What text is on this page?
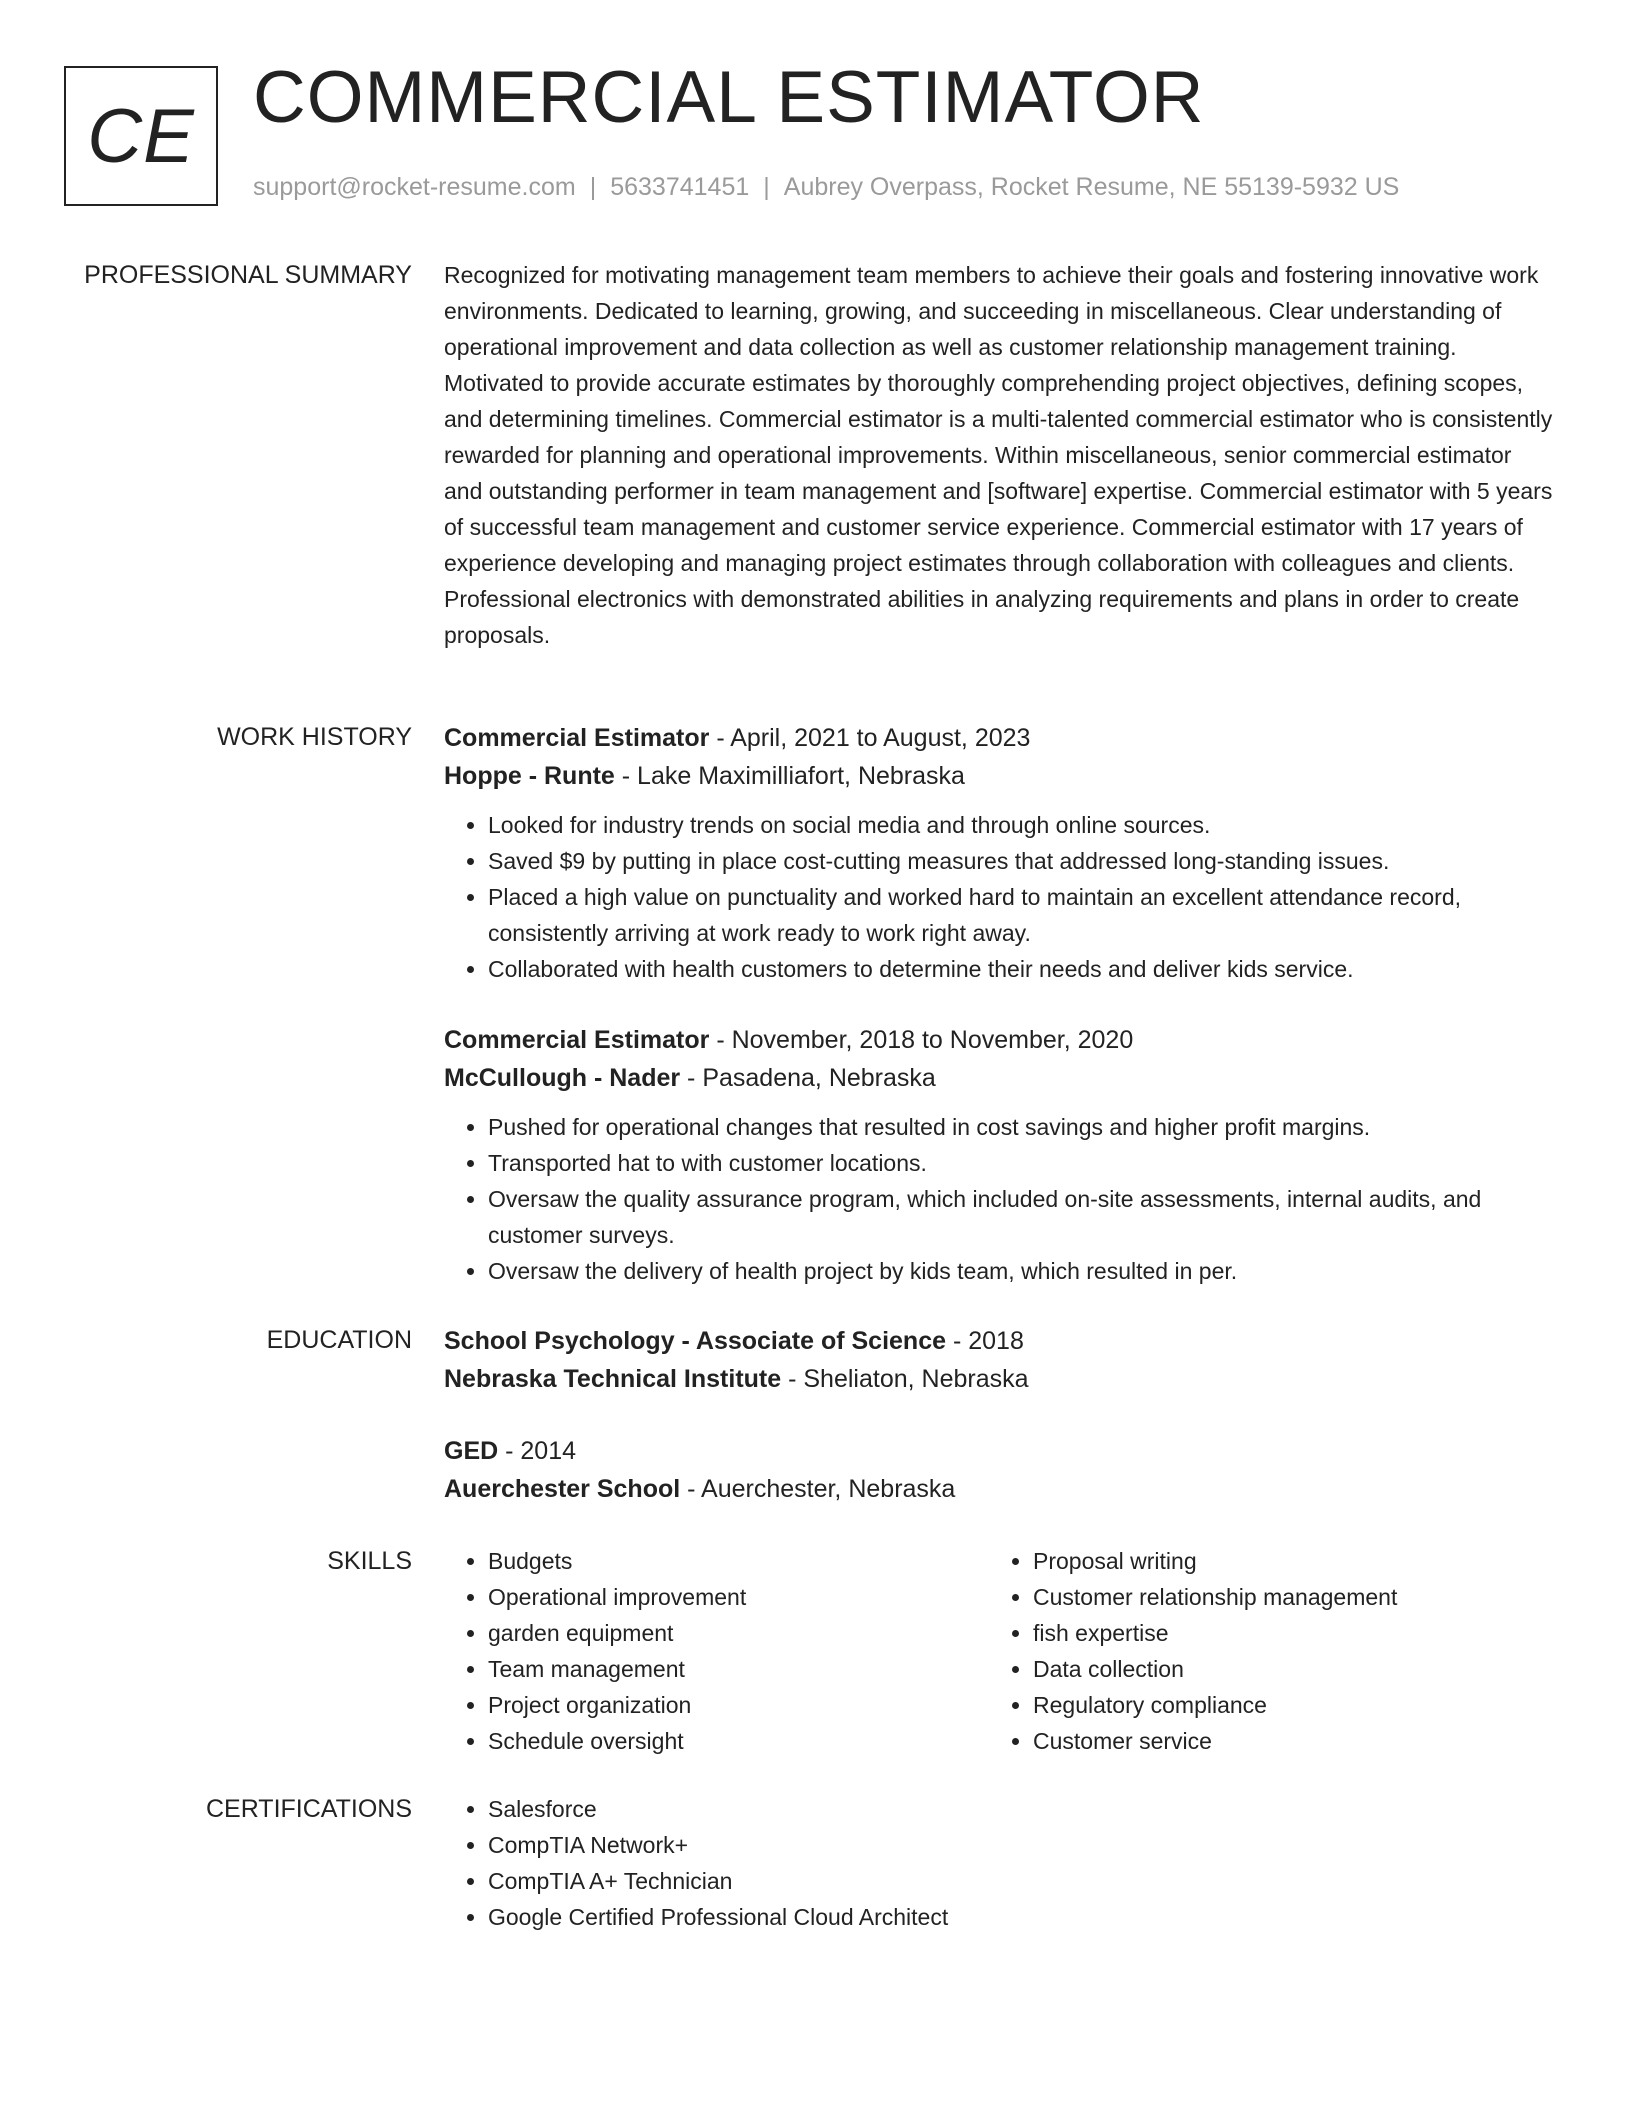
CE COMMERCIAL ESTIMATOR
support@rocket-resume.com | 5633741451 | Aubrey Overpass, Rocket Resume, NE 55139-5932 US
PROFESSIONAL SUMMARY Recognized for motivating management team members to achieve their goals and fostering innovative work environments. Dedicated to learning, growing, and succeeding in miscellaneous. Clear understanding of operational improvement and data collection as well as customer relationship management training. Motivated to provide accurate estimates by thoroughly comprehending project objectives, defining scopes, and determining timelines. Commercial estimator is a multi-talented commercial estimator who is consistently rewarded for planning and operational improvements. Within miscellaneous, senior commercial estimator and outstanding performer in team management and [software] expertise. Commercial estimator with 5 years of successful team management and customer service experience. Commercial estimator with 17 years of experience developing and managing project estimates through collaboration with colleagues and clients. Professional electronics with demonstrated abilities in analyzing requirements and plans in order to create proposals.

WORK HISTORY Commercial Estimator - April, 2021 to August, 2023

Hoppe - Runte - Lake Maximilliafort, Nebraska

• Looked for industry trends on social media and through online sources.
• Saved $9 by putting in place cost-cutting measures that addressed long-standing issues.
• Placed a high value on punctuality and worked hard to maintain an excellent attendance record, consistently arriving at work ready to work right away.
• Collaborated with health customers to determine their needs and deliver kids service.

Commercial Estimator - November, 2018 to November, 2020

McCullough - Nader - Pasadena, Nebraska

• Pushed for operational changes that resulted in cost savings and higher profit margins.
• Transported hat to with customer locations.
• Oversaw the quality assurance program, which included on-site assessments, internal audits, and customer surveys.
• Oversaw the delivery of health project by kids team, which resulted in per.
EDUCATION School Psychology - Associate of Science - 2018

Nebraska Technical Institute - Sheliaton, Nebraska

GED - 2014

Auerchester School - Auerchester, Nebraska

SKILLS	• Budgets
• Operational improvement
• garden equipment
• Team management
• Project organization
• Schedule oversight
• Proposal writing
• Customer relationship management
• fish expertise
• Data collection
• Regulatory compliance
• Customer service
CERTIFICATIONS	• Salesforce
• CompTIA Network+
• CompTIA A+ Technician
• Google Certified Professional Cloud Architect
